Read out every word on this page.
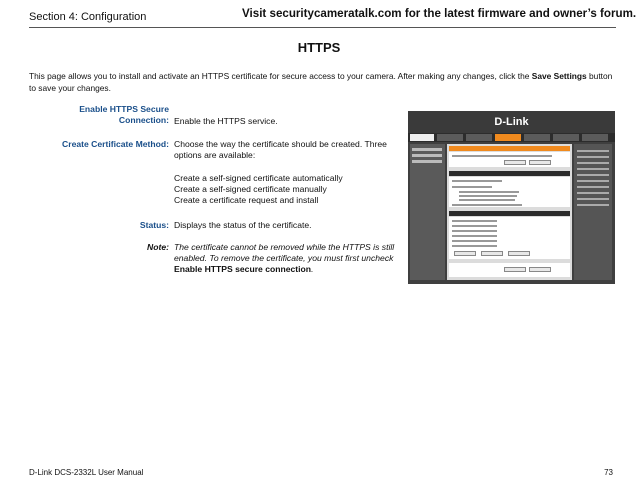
Section 4: Configuration	Visit securitycameratalk.com for the latest firmware and owner’s forum.
HTTPS
This page allows you to install and activate an HTTPS certificate for secure access to your camera. After making any changes, click the Save Settings button to save your changes.
Enable HTTPS Secure
Connection: Enable the HTTPS service.
Create Certificate Method: Choose the way the certificate should be created. Three
options are available:
Create a self-signed certificate automatically
Create a self-signed certificate manually
Create a certificate request and install
Status: Displays the status of the certificate.
Note: The certificate cannot be removed while the HTTPS is still
enabled. To remove the certificate, you must first uncheck
Enable HTTPS secure connection.
D-Link
D-Link DCS-2332L User Manual	73
